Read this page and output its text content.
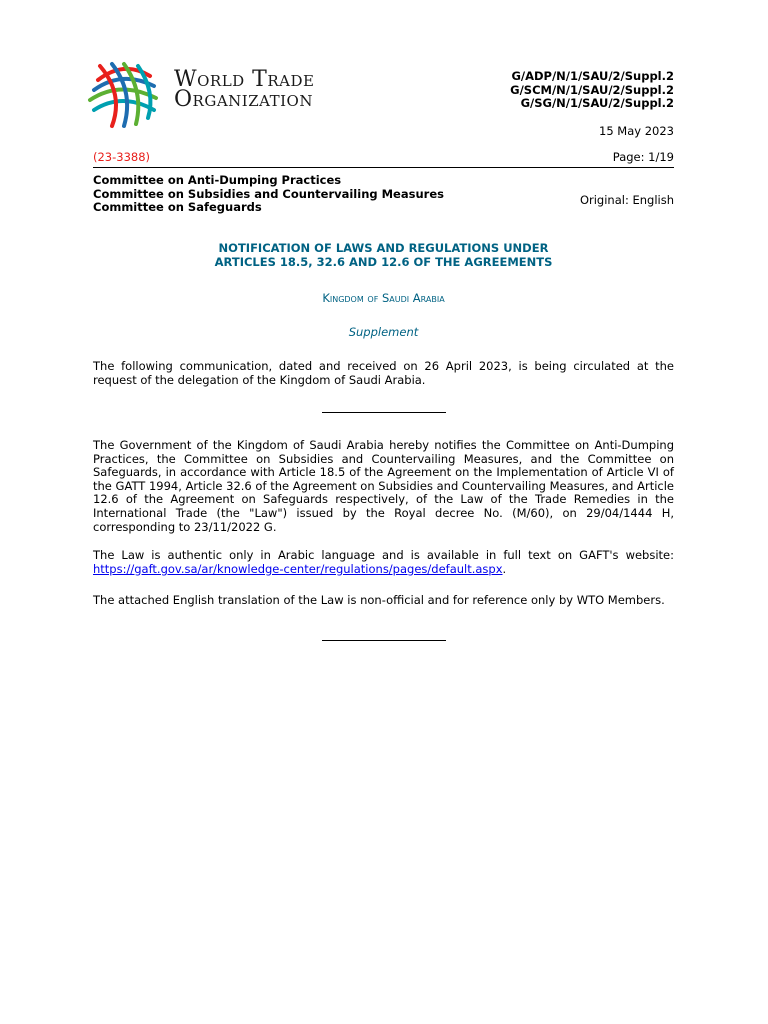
World Trade
Organization
G/ADP/N/1/SAU/2/Suppl.2
G/SCM/N/1/SAU/2/Suppl.2
G/SG/N/1/SAU/2/Suppl.2
15 May 2023
(23-3388)	Page: 1/19
Committee on Anti-Dumping Practices
Committee on Subsidies and Countervailing Measures
Committee on Safeguards	Original: English
NOTIFICATION OF LAWS AND REGULATIONS UNDER
ARTICLES 18.5, 32.6 AND 12.6 OF THE AGREEMENTS
Kingdom of Saudi Arabia
Supplement
The following communication, dated and received on 26 April 2023, is being circulated at the request of the delegation of the Kingdom of Saudi Arabia.
The Government of the Kingdom of Saudi Arabia hereby notifies the Committee on Anti-Dumping Practices, the Committee on Subsidies and Countervailing Measures, and the Committee on Safeguards, in accordance with Article 18.5 of the Agreement on the Implementation of Article VI of the GATT 1994, Article 32.6 of the Agreement on Subsidies and Countervailing Measures, and Article 12.6 of the Agreement on Safeguards respectively, of the Law of the Trade Remedies in the International Trade (the "Law") issued by the Royal decree No. (M/60), on 29/04/1444 H, corresponding to 23/11/2022 G.
The Law is authentic only in Arabic language and is available in full text on GAFT's website: https://gaft.gov.sa/ar/knowledge-center/regulations/pages/default.aspx.
The attached English translation of the Law is non-official and for reference only by WTO Members.
